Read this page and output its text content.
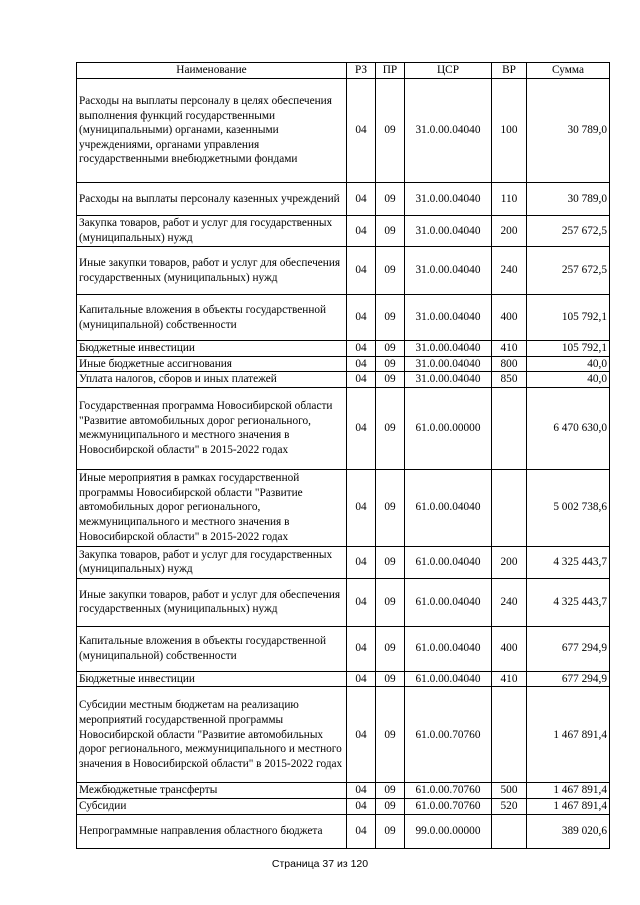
Наименование	РЗ	ПР	ЦСР	ВР	Сумма
Расходы на выплаты персоналу в целях обеспечения выполнения функций государственными (муниципальными) органами, казенными учреждениями, органами управления государственными внебюджетными фондами	04	09	31.0.00.04040	100	30 789,0
Расходы на выплаты персоналу казенных учреждений	04	09	31.0.00.04040	110	30 789,0
Закупка товаров, работ и услуг для государственных (муниципальных) нужд	04	09	31.0.00.04040	200	257 672,5
Иные закупки товаров, работ и услуг для обеспечения государственных (муниципальных) нужд	04	09	31.0.00.04040	240	257 672,5
Капитальные вложения в объекты государственной (муниципальной) собственности	04	09	31.0.00.04040	400	105 792,1
Бюджетные инвестиции	04	09	31.0.00.04040	410	105 792,1
Иные бюджетные ассигнования	04	09	31.0.00.04040	800	40,0
Уплата налогов, сборов и иных платежей	04	09	31.0.00.04040	850	40,0
Государственная программа Новосибирской области "Развитие автомобильных дорог регионального, межмуниципального и местного значения в Новосибирской области" в 2015-2022 годах	04	09	61.0.00.00000		6 470 630,0
Иные мероприятия в рамках государственной программы Новосибирской области "Развитие автомобильных дорог регионального, межмуниципального и местного значения в Новосибирской области" в 2015-2022 годах	04	09	61.0.00.04040		5 002 738,6
Закупка товаров, работ и услуг для государственных (муниципальных) нужд	04	09	61.0.00.04040	200	4 325 443,7
Иные закупки товаров, работ и услуг для обеспечения государственных (муниципальных) нужд	04	09	61.0.00.04040	240	4 325 443,7
Капитальные вложения в объекты государственной (муниципальной) собственности	04	09	61.0.00.04040	400	677 294,9
Бюджетные инвестиции	04	09	61.0.00.04040	410	677 294,9
Субсидии местным бюджетам на реализацию мероприятий государственной программы Новосибирской области "Развитие автомобильных дорог регионального, межмуниципального и местного значения в Новосибирской области" в 2015-2022 годах	04	09	61.0.00.70760		1 467 891,4
Межбюджетные трансферты	04	09	61.0.00.70760	500	1 467 891,4
Субсидии	04	09	61.0.00.70760	520	1 467 891,4
Непрограммные направления областного бюджета	04	09	99.0.00.00000		389 020,6
Страница 37 из 120
